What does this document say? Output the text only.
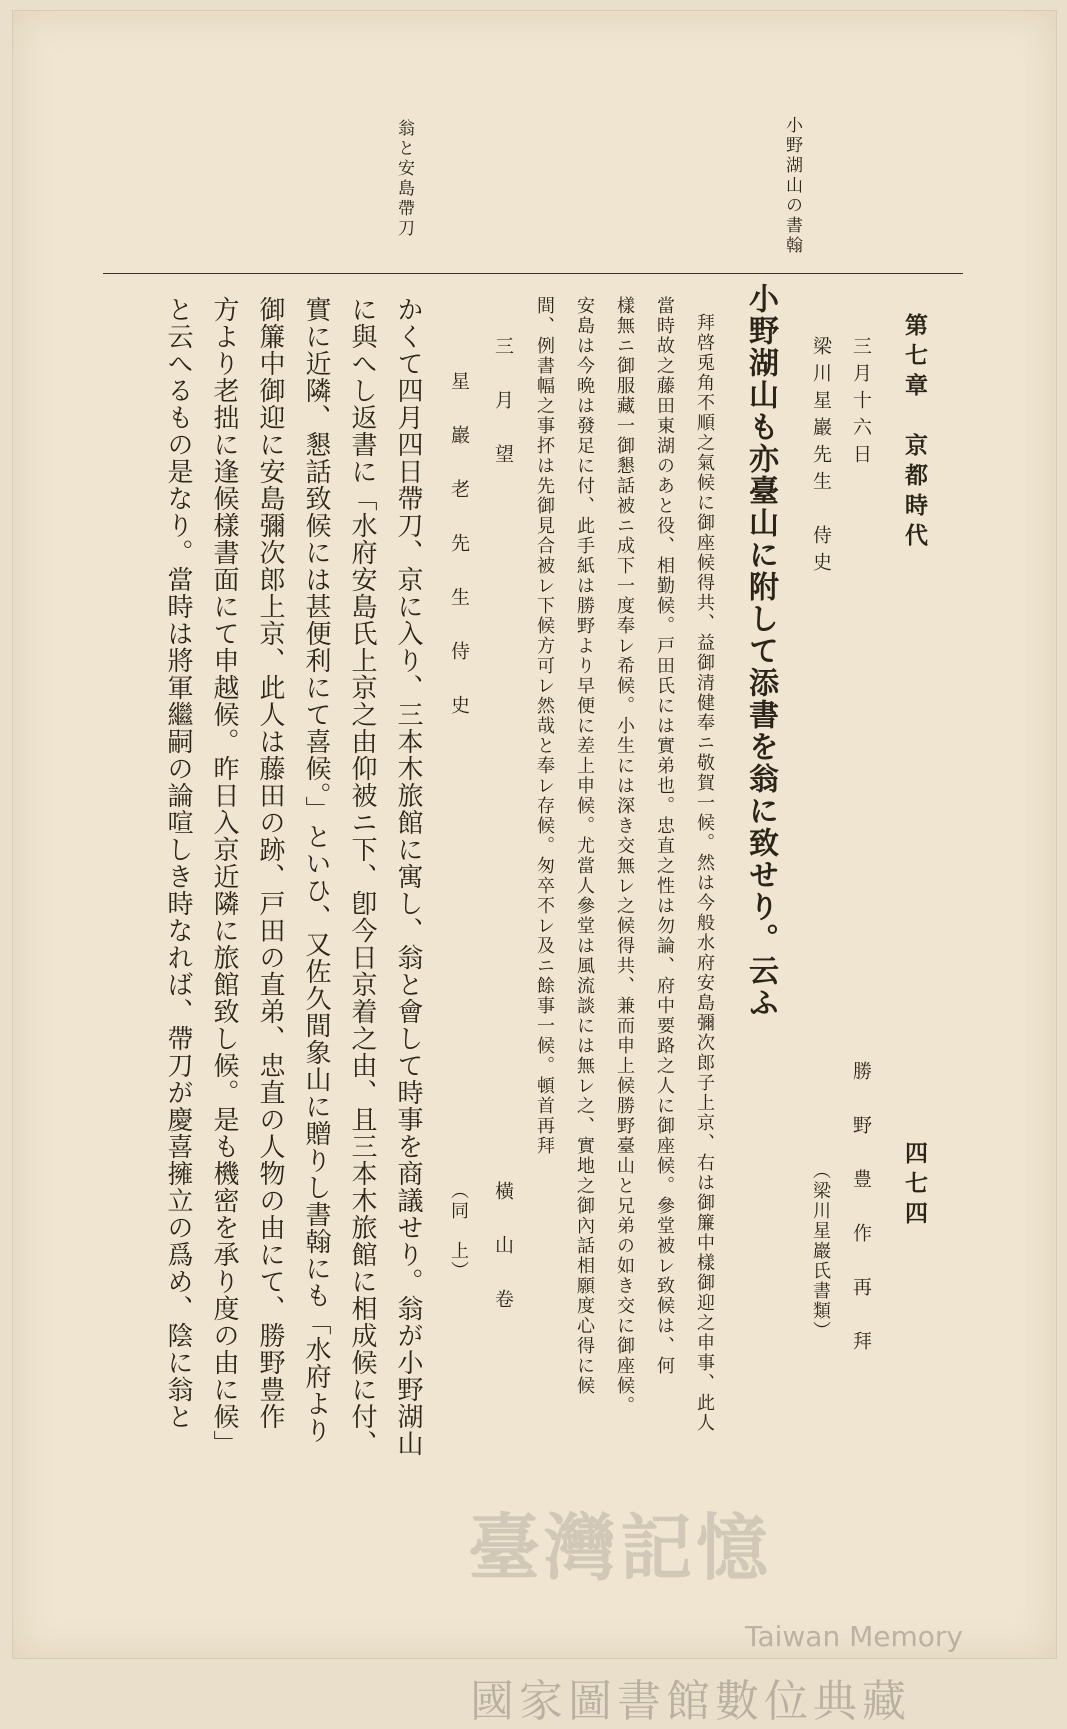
小野湖山の書翰
翁と安島帶刀
第七章　京都時代
四七四
三月十六日
梁川星巖先生　侍史
勝　野　豊　作　再　拜
（梁川星巖氏書類）
小野湖山も亦臺山に附して添書を翁に致せり。云ふ
拜啓兎角不順之氣候に御座候得共、益御清健奉ニ敬賀一候。然は今般水府安島彌次郎子上京、右は御簾中樣御迎之申事、此人
當時故之藤田東湖のあと役、相勤候。戸田氏には實弟也。忠直之性は勿論、府中要路之人に御座候。參堂被レ致候は、何
樣無ニ御服藏一御懇話被ニ成下一度奉レ希候。小生には深き交無レ之候得共、兼而申上候勝野臺山と兄弟の如き交に御座候。
安島は今晩は發足に付、此手紙は勝野より早便に差上申候。尤當人參堂は風流談には無レ之、實地之御內話相願度心得に候
間、例書幅之事抔は先御見合被レ下候方可レ然哉と奉レ存候。匆卒不レ及ニ餘事一候。頓首再拜
三　月　望
橫　山　卷
星　巖　老　先　生　侍　史
（同　上）
かくて四月四日帶刀、京に入り、三本木旅館に寓し、翁と會して時事を商議せり。翁が小野湖山
に與へし返書に「水府安島氏上京之由仰被ニ下、卽今日京着之由、且三本木旅館に相成候に付、
實に近隣、懇話致候には甚便利にて喜候。」といひ、又佐久間象山に贈りし書翰にも「水府より
御簾中御迎に安島彌次郎上京、此人は藤田の跡、戸田の直弟、忠直の人物の由にて、勝野豊作
方より老拙に逢候樣書面にて申越候。昨日入京近隣に旅館致し候。是も機密を承り度の由に候」
と云へるもの是なり。當時は將軍繼嗣の論喧しき時なれば、帶刀が慶喜擁立の爲め、陰に翁と
臺灣記憶
Taiwan Memory
國家圖書館數位典藏
